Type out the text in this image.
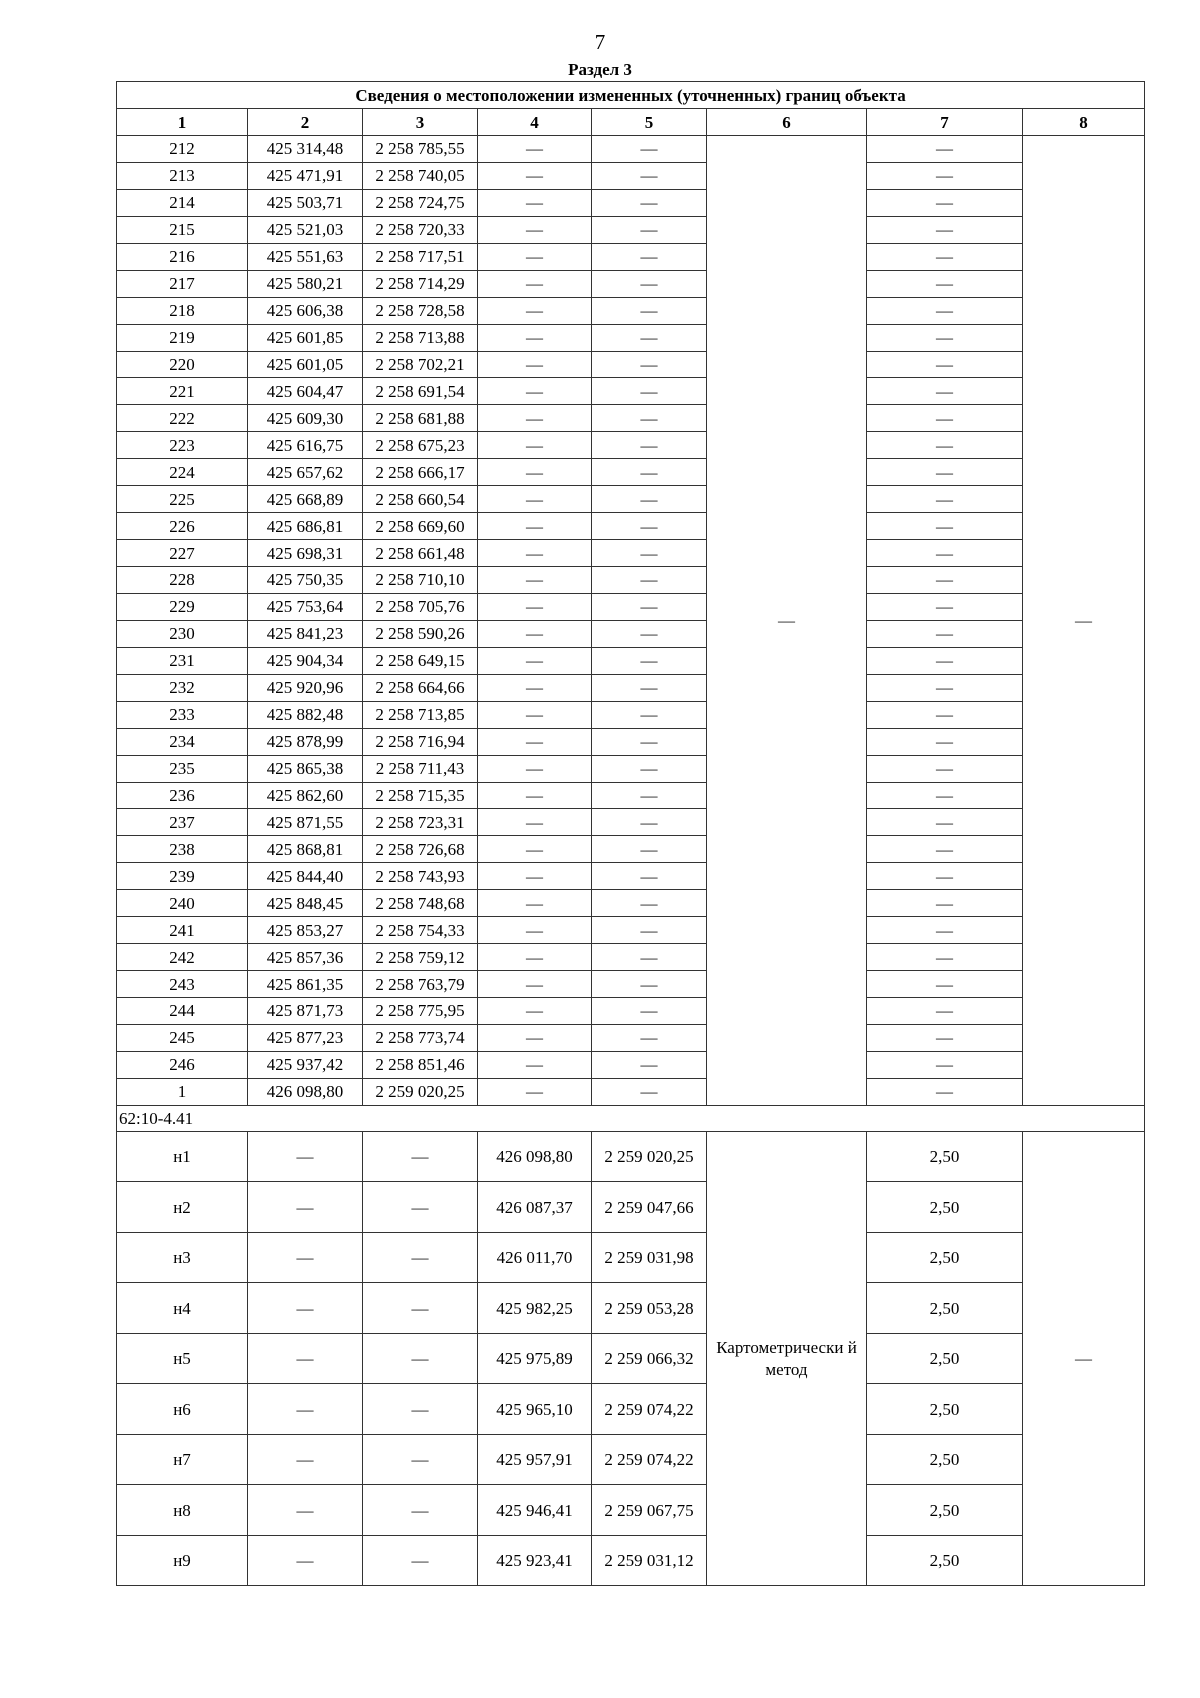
7
Раздел 3
Сведения о местоположении измененных (уточненных) границ объекта							
1	2	3	4	5	6	7	8
212	425 314,48	2 258 785,55	—	—	—	—	—
213	425 471,91	2 258 740,05	—	—		—	
214	425 503,71	2 258 724,75	—	—		—	
215	425 521,03	2 258 720,33	—	—		—	
216	425 551,63	2 258 717,51	—	—		—	
217	425 580,21	2 258 714,29	—	—		—	
218	425 606,38	2 258 728,58	—	—		—	
219	425 601,85	2 258 713,88	—	—		—	
220	425 601,05	2 258 702,21	—	—		—	
221	425 604,47	2 258 691,54	—	—		—	
222	425 609,30	2 258 681,88	—	—		—	
223	425 616,75	2 258 675,23	—	—		—	
224	425 657,62	2 258 666,17	—	—		—	
225	425 668,89	2 258 660,54	—	—		—	
226	425 686,81	2 258 669,60	—	—		—	
227	425 698,31	2 258 661,48	—	—		—	
228	425 750,35	2 258 710,10	—	—		—	
229	425 753,64	2 258 705,76	—	—		—	
230	425 841,23	2 258 590,26	—	—		—	
231	425 904,34	2 258 649,15	—	—		—	
232	425 920,96	2 258 664,66	—	—		—	
233	425 882,48	2 258 713,85	—	—		—	
234	425 878,99	2 258 716,94	—	—		—	
235	425 865,38	2 258 711,43	—	—		—	
236	425 862,60	2 258 715,35	—	—		—	
237	425 871,55	2 258 723,31	—	—		—	
238	425 868,81	2 258 726,68	—	—		—	
239	425 844,40	2 258 743,93	—	—		—	
240	425 848,45	2 258 748,68	—	—		—	
241	425 853,27	2 258 754,33	—	—		—	
242	425 857,36	2 258 759,12	—	—		—	
243	425 861,35	2 258 763,79	—	—		—	
244	425 871,73	2 258 775,95	—	—		—	
245	425 877,23	2 258 773,74	—	—		—	
246	425 937,42	2 258 851,46	—	—		—	
1	426 098,80	2 259 020,25	—	—		—	
62:10-4.41							
н1	—	—	426 098,80	2 259 020,25	Картометрически й метод	2,50	—
н2	—	—	426 087,37	2 259 047,66		2,50	
н3	—	—	426 011,70	2 259 031,98		2,50	
н4	—	—	425 982,25	2 259 053,28		2,50	
н5	—	—	425 975,89	2 259 066,32		2,50	
н6	—	—	425 965,10	2 259 074,22		2,50	
н7	—	—	425 957,91	2 259 074,22		2,50	
н8	—	—	425 946,41	2 259 067,75		2,50	
н9	—	—	425 923,41	2 259 031,12		2,50	
